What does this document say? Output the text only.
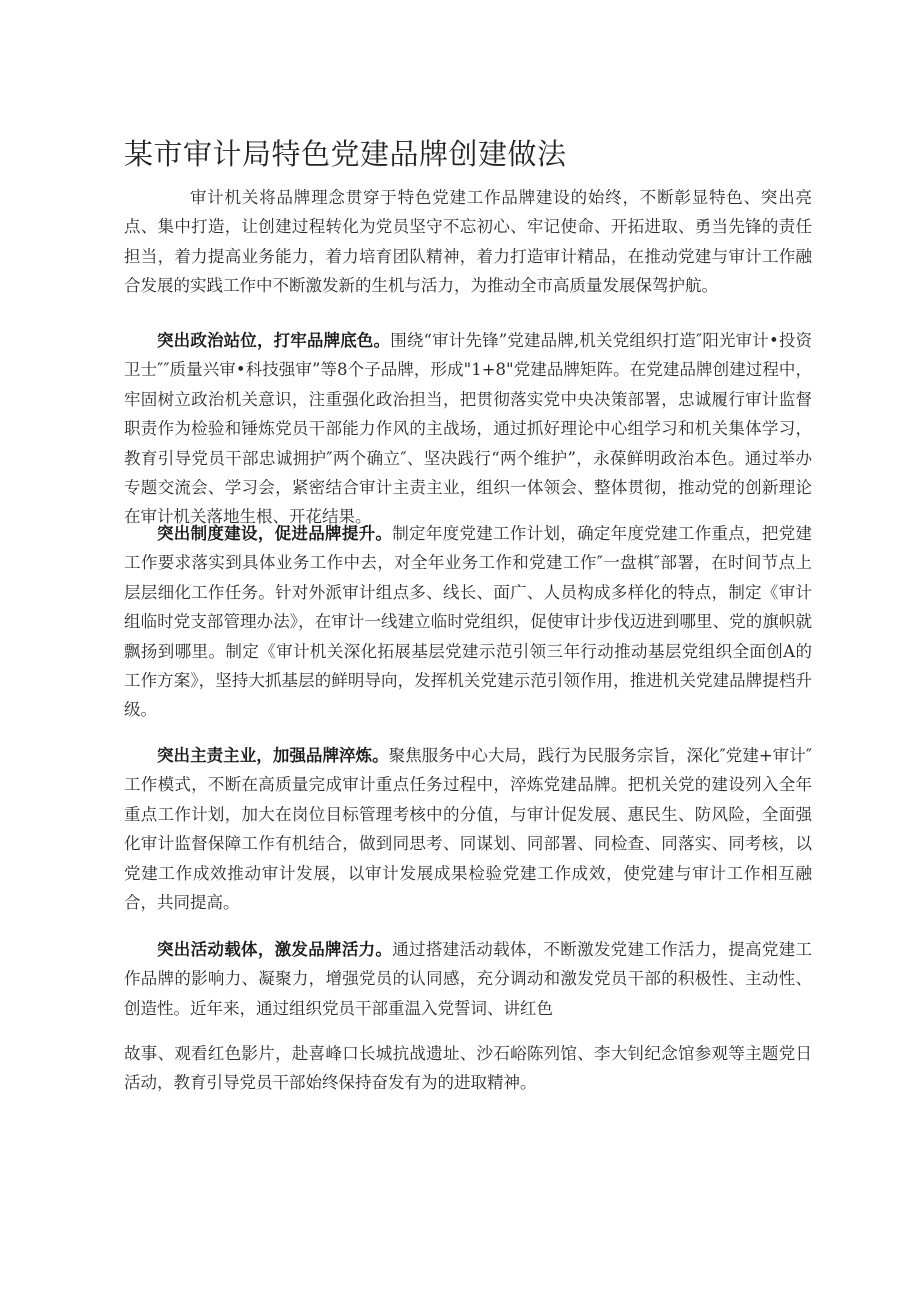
某市审计局特色党建品牌创建做法

审计机关将品牌理念贯穿于特色党建工作品牌建设的始终，不断彰显特色、突出亮点、集中打造，让创建过程转化为党员坚守不忘初心、牢记使命、开拓进取、勇当先锋的责任担当，着力提高业务能力，着力培育团队精神，着力打造审计精品，在推动党建与审计工作融合发展的实践工作中不断激发新的生机与活力，为推动全市高质量发展保驾护航。

突出政治站位，打牢品牌底色。围绕“审计先锋”党建品牌,机关党组织打造″阳光审计•投资卫士″″质量兴审•科技强审”等8个子品牌，形成"1+8"党建品牌矩阵。在党建品牌创建过程中，牢固树立政治机关意识，注重强化政治担当，把贯彻落实党中央决策部署，忠诚履行审计监督职责作为检验和锤炼党员干部能力作风的主战场，通过抓好理论中心组学习和机关集体学习，教育引导党员干部忠诚拥护″两个确立″、坚决践行“两个维护”，永葆鲜明政治本色。通过举办专题交流会、学习会，紧密结合审计主责主业，组织一体领会、整体贯彻，推动党的创新理论在审计机关落地生根、开花结果。

突出制度建设，促进品牌提升。制定年度党建工作计划，确定年度党建工作重点，把党建工作要求落实到具体业务工作中去，对全年业务工作和党建工作″一盘棋″部署，在时间节点上层层细化工作任务。针对外派审计组点多、线长、面广、人员构成多样化的特点，制定《审计组临时党支部管理办法》，在审计一线建立临时党组织，促使审计步伐迈进到哪里、党的旗帜就飘扬到哪里。制定《审计机关深化拓展基层党建示范引领三年行动推动基层党组织全面创A的工作方案》，坚持大抓基层的鲜明导向，发挥机关党建示范引领作用，推进机关党建品牌提档升级。

突出主责主业，加强品牌淬炼。聚焦服务中心大局，践行为民服务宗旨，深化″党建+审计″工作模式，不断在高质量完成审计重点任务过程中，淬炼党建品牌。把机关党的建设列入全年重点工作计划，加大在岗位目标管理考核中的分值，与审计促发展、惠民生、防风险，全面强化审计监督保障工作有机结合，做到同思考、同谋划、同部署、同检查、同落实、同考核，以党建工作成效推动审计发展，以审计发展成果检验党建工作成效，使党建与审计工作相互融合，共同提高。

突出活动载体，激发品牌活力。通过搭建活动载体，不断激发党建工作活力，提高党建工作品牌的影响力、凝聚力，增强党员的认同感，充分调动和激发党员干部的积极性、主动性、创造性。近年来，通过组织党员干部重温入党誓词、讲红色

故事、观看红色影片，赴喜峰口长城抗战遗址、沙石峪陈列馆、李大钊纪念馆参观等主题党日活动，教育引导党员干部始终保持奋发有为的进取精神。
